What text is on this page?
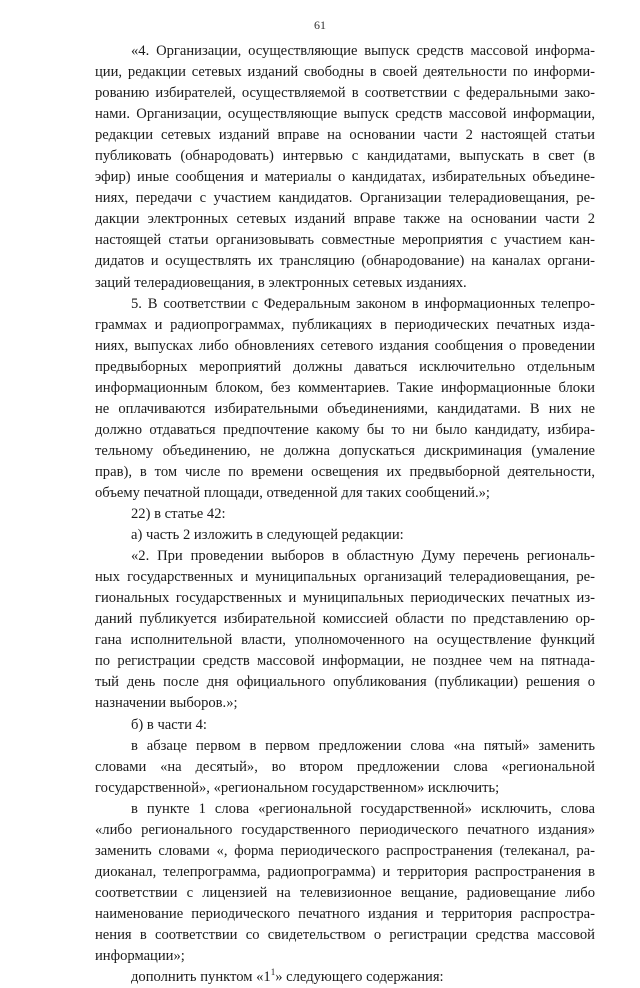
61
«4. Организации, осуществляющие выпуск средств массовой информа-
ции, редакции сетевых изданий свободны в своей деятельности по информи-
рованию избирателей, осуществляемой в соответствии с федеральными зако-
нами. Организации, осуществляющие выпуск средств массовой информации,
редакции сетевых изданий вправе на основании части 2 настоящей статьи
публиковать (обнародовать) интервью с кандидатами, выпускать в свет (в
эфир) иные сообщения и материалы о кандидатах, избирательных объедине-
ниях, передачи с участием кандидатов. Организации телерадиовещания, ре-
дакции электронных сетевых изданий вправе также на основании части 2
настоящей статьи организовывать совместные мероприятия с участием кан-
дидатов и осуществлять их трансляцию (обнародование) на каналах органи-
заций телерадиовещания, в электронных сетевых изданиях.
5. В соответствии с Федеральным законом в информационных телепро-
граммах и радиопрограммах, публикациях в периодических печатных изда-
ниях, выпусках либо обновлениях сетевого издания сообщения о проведении
предвыборных мероприятий должны даваться исключительно отдельным
информационным блоком, без комментариев. Такие информационные блоки
не оплачиваются избирательными объединениями, кандидатами. В них не
должно отдаваться предпочтение какому бы то ни было кандидату, избира-
тельному объединению, не должна допускаться дискриминация (умаление
прав), в том числе по времени освещения их предвыборной деятельности,
объему печатной площади, отведенной для таких сообщений.»;
22) в статье 42:
а) часть 2 изложить в следующей редакции:
«2. При проведении выборов в областную Думу перечень региональ-
ных государственных и муниципальных организаций телерадиовещания, ре-
гиональных государственных и муниципальных периодических печатных из-
даний публикуется избирательной комиссией области по представлению ор-
гана исполнительной власти, уполномоченного на осуществление функций
по регистрации средств массовой информации, не позднее чем на пятнада-
тый день после дня официального опубликования (публикации) решения о
назначении выборов.»;
б) в части 4:
в абзаце первом в первом предложении слова «на пятый» заменить
словами «на десятый», во втором предложении слова «региональной
государственной», «региональном государственном» исключить;
в пункте 1 слова «региональной государственной» исключить, слова
«либо регионального государственного периодического печатного издания»
заменить словами «, форма периодического распространения (телеканал, ра-
диоканал, телепрограмма, радиопрограмма) и территория распространения в
соответствии с лицензией на телевизионное вещание, радиовещание либо
наименование периодического печатного издания и территория распростра-
нения в соответствии со свидетельством о регистрации средства массовой
информации»;
дополнить пунктом «$1^1$» следующего содержания:
